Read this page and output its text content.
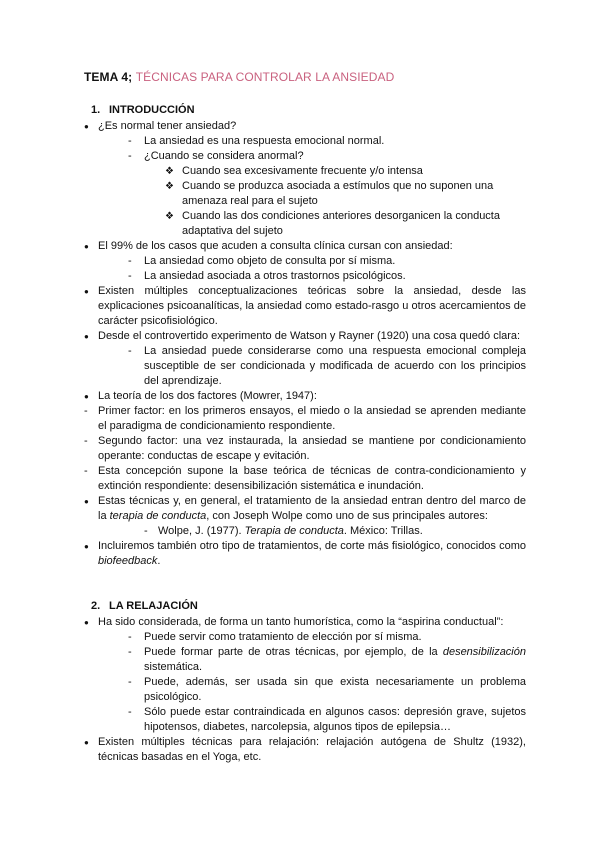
TEMA 4; TÉCNICAS PARA CONTROLAR LA ANSIEDAD
1. INTRODUCCIÓN
● ¿Es normal tener ansiedad?
- La ansiedad es una respuesta emocional normal.
- ¿Cuando se considera anormal?
❖ Cuando sea excesivamente frecuente y/o intensa
❖ Cuando se produzca asociada a estímulos que no suponen una amenaza real para el sujeto
❖ Cuando las dos condiciones anteriores desorganicen la conducta adaptativa del sujeto
● El 99% de los casos que acuden a consulta clínica cursan con ansiedad:
- La ansiedad como objeto de consulta por sí misma.
- La ansiedad asociada a otros trastornos psicológicos.
● Existen múltiples conceptualizaciones teóricas sobre la ansiedad, desde las explicaciones psicoanalíticas, la ansiedad como estado-rasgo u otros acercamientos de carácter psicofisiológico.
● Desde el controvertido experimento de Watson y Rayner (1920) una cosa quedó clara:
- La ansiedad puede considerarse como una respuesta emocional compleja susceptible de ser condicionada y modificada de acuerdo con los principios del aprendizaje.
● La teoría de los dos factores (Mowrer, 1947):
- Primer factor: en los primeros ensayos, el miedo o la ansiedad se aprenden mediante el paradigma de condicionamiento respondiente.
- Segundo factor: una vez instaurada, la ansiedad se mantiene por condicionamiento operante: conductas de escape y evitación.
- Esta concepción supone la base teórica de técnicas de contra-condicionamiento y extinción respondiente: desensibilización sistemática e inundación.
● Estas técnicas y, en general, el tratamiento de la ansiedad entran dentro del marco de la terapia de conducta, con Joseph Wolpe como uno de sus principales autores:
- Wolpe, J. (1977). Terapia de conducta. México: Trillas.
● Incluiremos también otro tipo de tratamientos, de corte más fisiológico, conocidos como biofeedback.
2. LA RELAJACIÓN
● Ha sido considerada, de forma un tanto humorística, como la “aspirina conductual”:
- Puede servir como tratamiento de elección por sí misma.
- Puede formar parte de otras técnicas, por ejemplo, de la desensibilización sistemática.
- Puede, además, ser usada sin que exista necesariamente un problema psicológico.
- Sólo puede estar contraindicada en algunos casos: depresión grave, sujetos hipotensos, diabetes, narcolepsia, algunos tipos de epilepsia…
● Existen múltiples técnicas para relajación: relajación autógena de Shultz (1932), técnicas basadas en el Yoga, etc.
